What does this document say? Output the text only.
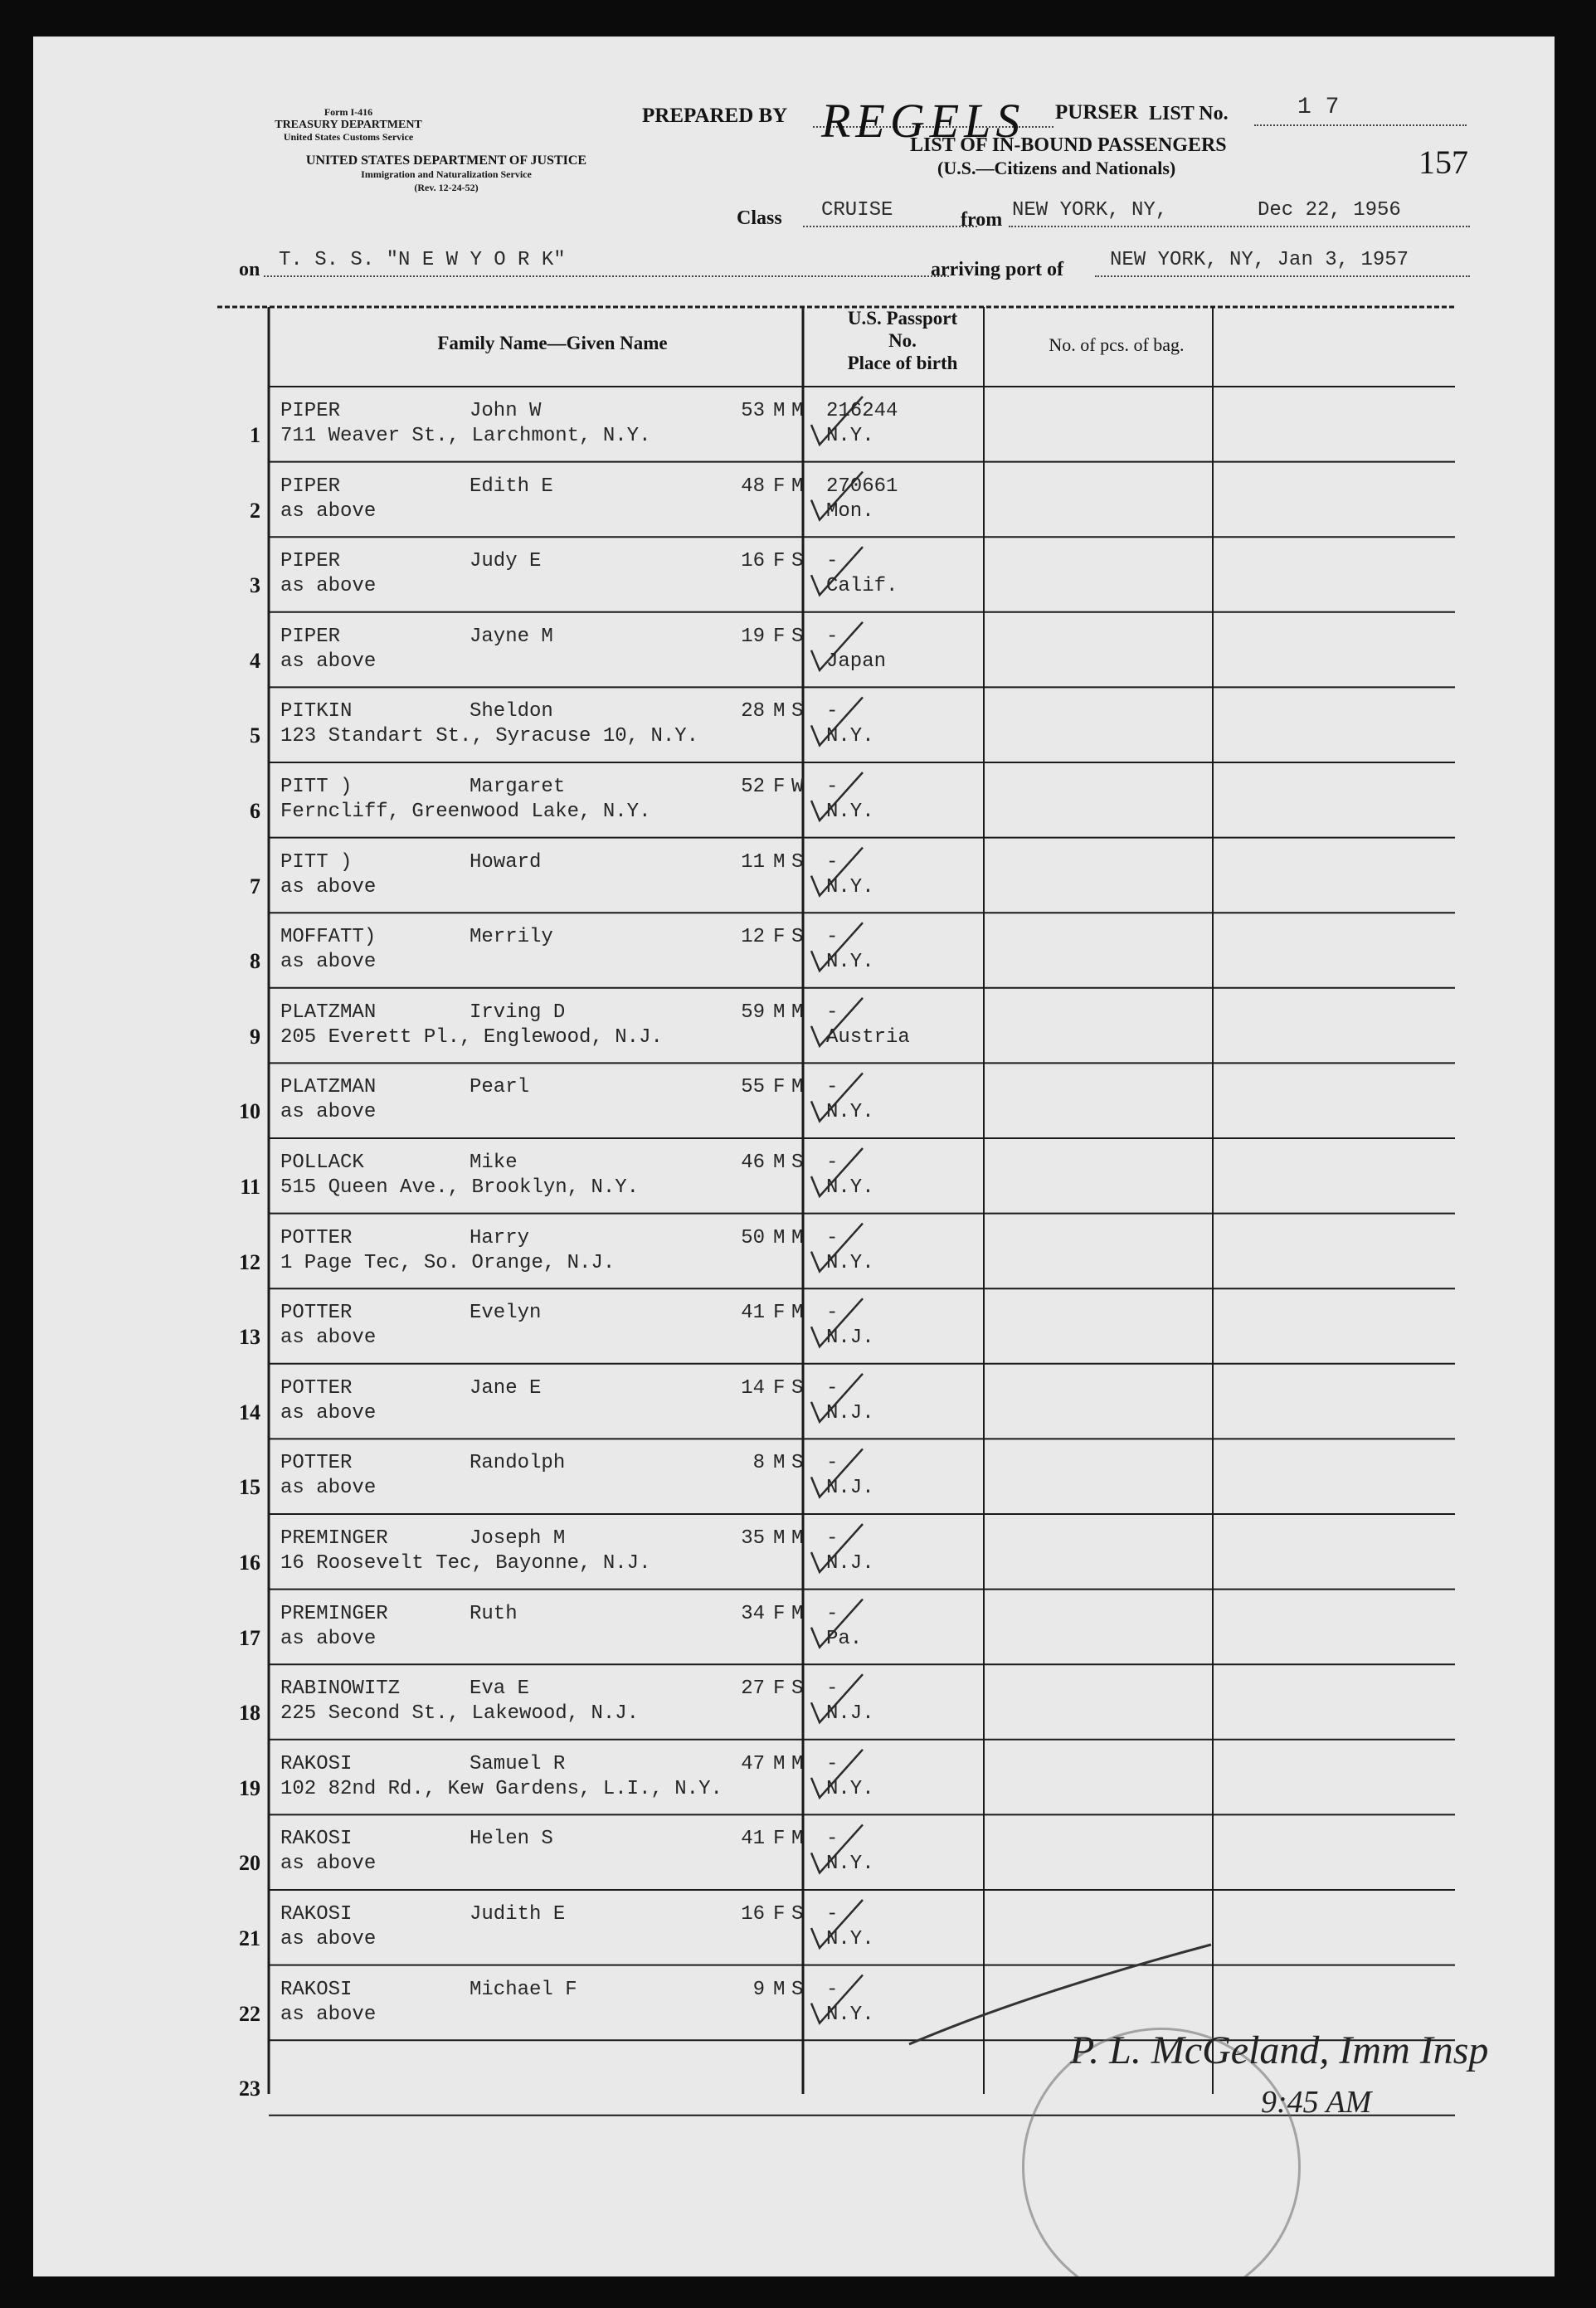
Form I-416
TREASURY DEPARTMENT
United States Customs Service
UNITED STATES DEPARTMENT OF JUSTICE
Immigration and Naturalization Service
(Rev. 12-24-52)
PREPARED BY REGELS PURSER LIST No.	1 7
157
LIST OF IN-BOUND PASSENGERS
(U.S.—Citizens and Nationals)
Class CRUISE	from NEW YORK, NY,	Dec 22, 1956
on T. S. S. "N E W Y O R K"	arriving port of NEW YORK, NY, Jan 3, 1957
Family Name—Given Name
U.S. Passport
No.
Place of birth
No. of pcs. of bag.
1
PIPER	John W	53 M M
711 Weaver St., Larchmont, N.Y.
216244
N.Y.
2
PIPER	Edith E	48 F M
as above
270661
Mon.
3
PIPER	Judy E	16 F S
as above
-
Calif.
4
PIPER	Jayne M	19 F S
as above
-
Japan
5
PITKIN	Sheldon	28 M S
123 Standart St., Syracuse 10, N.Y.
-
N.Y.
6
PITT )	Margaret	52 F W
Ferncliff, Greenwood Lake, N.Y.
-
N.Y.
7
PITT )	Howard	11 M S
as above
-
N.Y.
8
MOFFATT)	Merrily	12 F S
as above
-
N.Y.
9
PLATZMAN	Irving D	59 M M
205 Everett Pl., Englewood, N.J.
-
Austria
10
PLATZMAN	Pearl	55 F M
as above
-
N.Y.
11
POLLACK	Mike	46 M S
515 Queen Ave., Brooklyn, N.Y.
-
N.Y.
12
POTTER	Harry	50 M M
1 Page Tec, So. Orange, N.J.
-
N.Y.
13
POTTER	Evelyn	41 F M
as above
-
N.J.
14
POTTER	Jane E	14 F S
as above
-
N.J.
15
POTTER	Randolph	8 M S
as above
-
N.J.
16
PREMINGER	Joseph M	35 M M
16 Roosevelt Tec, Bayonne, N.J.
-
N.J.
17
PREMINGER	Ruth	34 F M
as above
-
Pa.
18
RABINOWITZ	Eva E	27 F S
225 Second St., Lakewood, N.J.
-
N.J.
19
RAKOSI	Samuel R	47 M M
102 82nd Rd., Kew Gardens, L.I., N.Y.
-
N.Y.
20
RAKOSI	Helen S	41 F M
as above
-
N.Y.
21
RAKOSI	Judith E	16 F S
as above
-
N.Y.
22
RAKOSI	Michael F	9 M S
as above
-
N.Y.
23
P. L. McGeland, Imm Insp
9:45 AM
